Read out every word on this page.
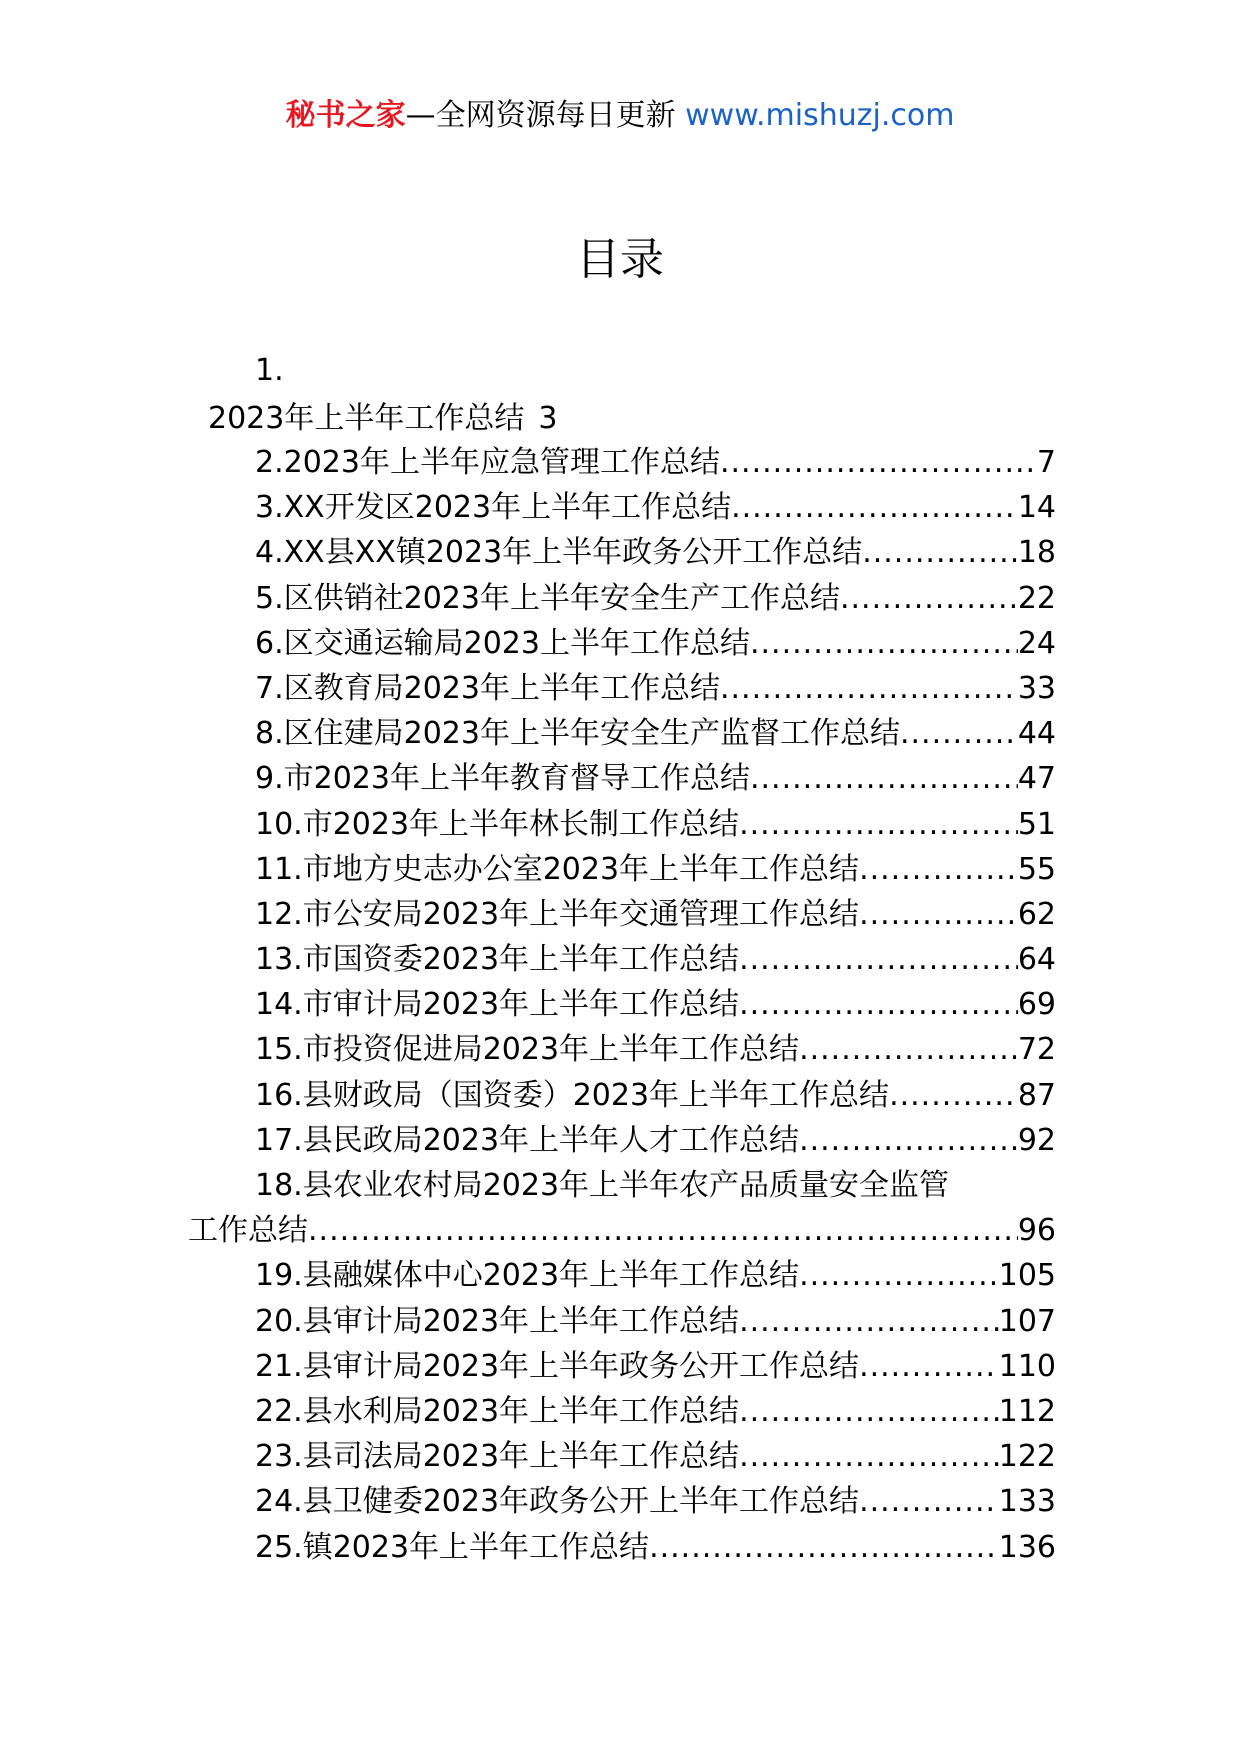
秘书之家—全网资源每日更新 www.mishuzj.com
目录
1.
2023年上半年工作总结 3
2.2023年上半年应急管理工作总结 .....	7
3.XX开发区2023年上半年工作总结 .....	14
4.XX县XX镇2023年上半年政务公开工作总结 .....	18
5.区供销社2023年上半年安全生产工作总结 .....	22
6.区交通运输局2023上半年工作总结 .....	24
7.区教育局2023年上半年工作总结 .....	33
8.区住建局2023年上半年安全生产监督工作总结 .....	44
9.市2023年上半年教育督导工作总结 .....	47
10.市2023年上半年林长制工作总结 .....	51
11.市地方史志办公室2023年上半年工作总结 .....	55
12.市公安局2023年上半年交通管理工作总结 .....	62
13.市国资委2023年上半年工作总结 .....	64
14.市审计局2023年上半年工作总结 .....	69
15.市投资促进局2023年上半年工作总结 .....	72
16.县财政局（国资委）2023年上半年工作总结 .....	87
17.县民政局2023年上半年人才工作总结 .....	92
18.县农业农村局2023年上半年农产品质量安全监管
工作总结 .....	96
19.县融媒体中心2023年上半年工作总结 .....	105
20.县审计局2023年上半年工作总结 .....	107
21.县审计局2023年上半年政务公开工作总结 .....	110
22.县水利局2023年上半年工作总结 .....	112
23.县司法局2023年上半年工作总结 .....	122
24.县卫健委2023年政务公开上半年工作总结 .....	133
25.镇2023年上半年工作总结 .....	136
